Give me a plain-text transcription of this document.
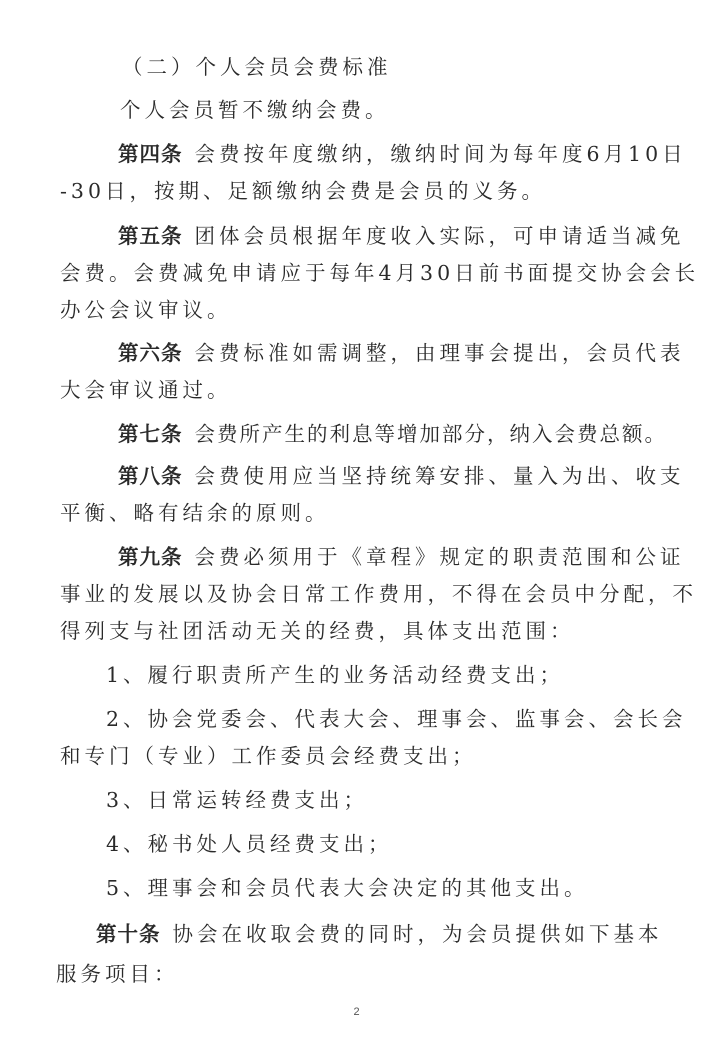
（二）个人会员会费标准
个人会员暂不缴纳会费。
第四条 会费按年度缴纳，缴纳时间为每年度6月10日
-30日，按期、足额缴纳会费是会员的义务。
第五条 团体会员根据年度收入实际，可申请适当减免
会费。会费减免申请应于每年4月30日前书面提交协会会长
办公会议审议。
第六条 会费标准如需调整，由理事会提出，会员代表
大会审议通过。
第七条 会费所产生的利息等增加部分，纳入会费总额。
第八条 会费使用应当坚持统筹安排、量入为出、收支
平衡、略有结余的原则。
第九条 会费必须用于《章程》规定的职责范围和公证
事业的发展以及协会日常工作费用，不得在会员中分配，不
得列支与社团活动无关的经费，具体支出范围：
1、履行职责所产生的业务活动经费支出；
2、协会党委会、代表大会、理事会、监事会、会长会
和专门（专业）工作委员会经费支出；
3、日常运转经费支出；
4、秘书处人员经费支出；
5、理事会和会员代表大会决定的其他支出。
第十条 协会在收取会费的同时，为会员提供如下基本
服务项目：
2
